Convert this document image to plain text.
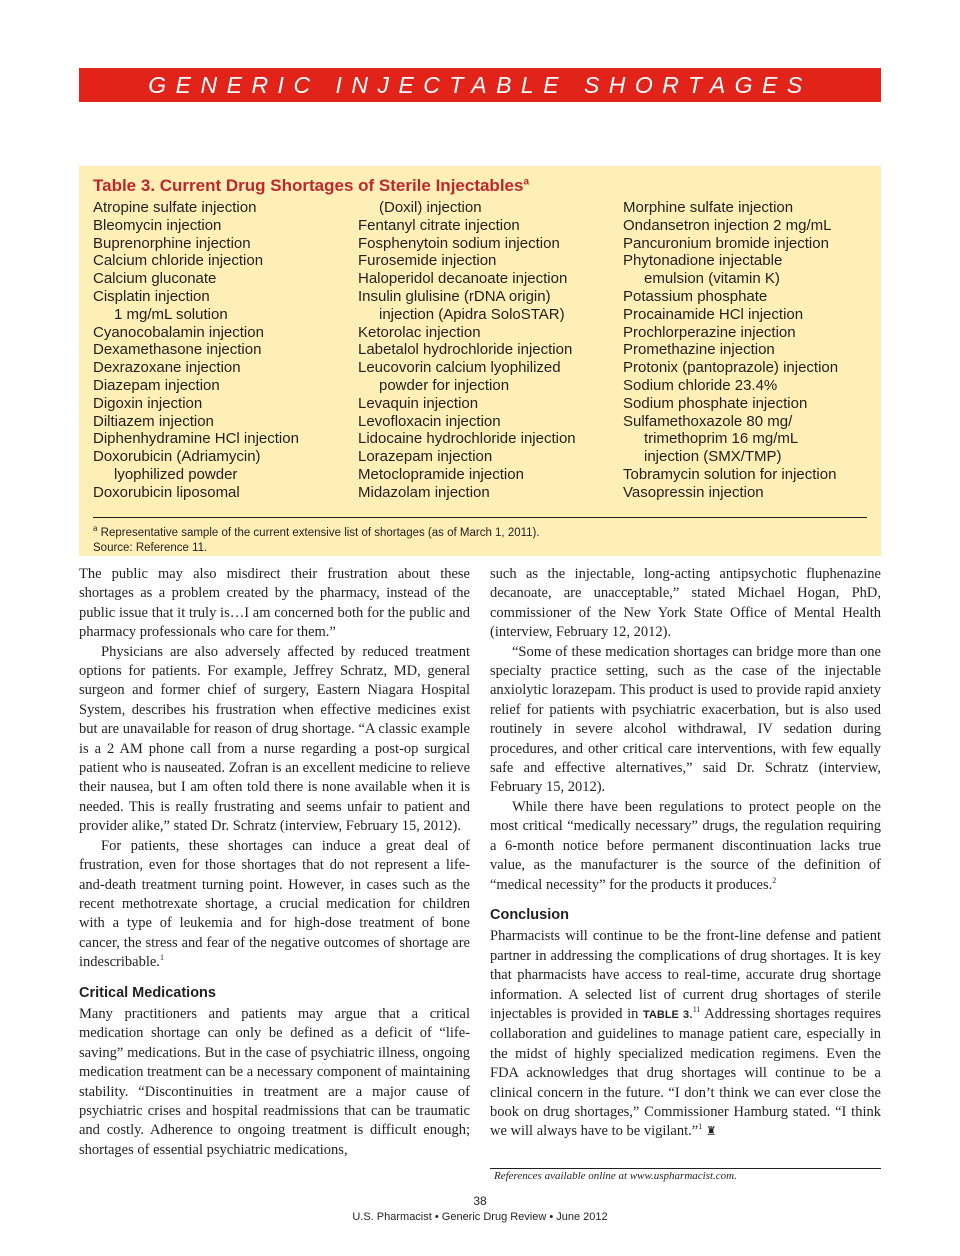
GENERIC INJECTABLE SHORTAGES
Table 3. Current Drug Shortages of Sterile Injectables$^a$
Atropine sulfate injection
Bleomycin injection
Buprenorphine injection
Calcium chloride injection
Calcium gluconate
Cisplatin injection
1 mg/mL solution
Cyanocobalamin injection
Dexamethasone injection
Dexrazoxane injection
Diazepam injection
Digoxin injection
Diltiazem injection
Diphenhydramine HCl injection
Doxorubicin (Adriamycin)
lyophilized powder
Doxorubicin liposomal
(Doxil) injection
Fentanyl citrate injection
Fosphenytoin sodium injection
Furosemide injection
Haloperidol decanoate injection
Insulin glulisine (rDNA origin)
injection (Apidra SoloSTAR)
Ketorolac injection
Labetalol hydrochloride injection
Leucovorin calcium lyophilized
powder for injection
Levaquin injection
Levofloxacin injection
Lidocaine hydrochloride injection
Lorazepam injection
Metoclopramide injection
Midazolam injection
Morphine sulfate injection
Ondansetron injection 2 mg/mL
Pancuronium bromide injection
Phytonadione injectable
emulsion (vitamin K)
Potassium phosphate
Procainamide HCl injection
Prochlorperazine injection
Promethazine injection
Protonix (pantoprazole) injection
Sodium chloride 23.4%
Sodium phosphate injection
Sulfamethoxazole 80 mg/
trimethoprim 16 mg/mL
injection (SMX/TMP)
Tobramycin solution for injection
Vasopressin injection
$^a$ Representative sample of the current extensive list of shortages (as of March 1, 2011).
Source: Reference 11.

The public may also misdirect their frustration about these shortages as a problem created by the pharmacy, instead of the public issue that it truly is…I am concerned both for the public and pharmacy professionals who care for them.”

Physicians are also adversely affected by reduced treatment options for patients. For example, Jeffrey Schratz, MD, general surgeon and former chief of surgery, Eastern Niagara Hospital System, describes his frustration when effective medicines exist but are unavailable for reason of drug shortage. “A classic example is a 2 AM phone call from a nurse regarding a post-op surgical patient who is nauseated. Zofran is an excellent medicine to relieve their nausea, but I am often told there is none available when it is needed. This is really frustrating and seems unfair to patient and provider alike,” stated Dr. Schratz (interview, February 15, 2012).

For patients, these shortages can induce a great deal of frustration, even for those shortages that do not represent a life-and-death treatment turning point. However, in cases such as the recent methotrexate shortage, a crucial medication for children with a type of leukemia and for high-dose treatment of bone cancer, the stress and fear of the negative outcomes of shortage are indescribable.$^1$

Critical Medications

Many practitioners and patients may argue that a critical medication shortage can only be defined as a deficit of “life-saving” medications. But in the case of psychiatric illness, ongoing medication treatment can be a necessary component of maintaining stability. “Discontinuities in treatment are a major cause of psychiatric crises and hospital readmissions that can be traumatic and costly. Adherence to ongoing treatment is difficult enough; shortages of essential psychiatric medications,

such as the injectable, long-acting antipsychotic fluphenazine decanoate, are unacceptable,” stated Michael Hogan, PhD, commissioner of the New York State Office of Mental Health (interview, February 12, 2012).

“Some of these medication shortages can bridge more than one specialty practice setting, such as the case of the injectable anxiolytic lorazepam. This product is used to provide rapid anxiety relief for patients with psychiatric exacerbation, but is also used routinely in severe alcohol withdrawal, IV sedation during procedures, and other critical care interventions, with few equally safe and effective alternatives,” said Dr. Schratz (interview, February 15, 2012).

While there have been regulations to protect people on the most critical “medically necessary” drugs, the regulation requiring a 6-month notice before permanent discontinuation lacks true value, as the manufacturer is the source of the definition of “medical necessity” for the products it produces.$^2$

Conclusion

Pharmacists will continue to be the front-line defense and patient partner in addressing the complications of drug shortages. It is key that pharmacists have access to real-time, accurate drug shortage information. A selected list of current drug shortages of sterile injectables is provided in TABLE 3.11 Addressing shortages requires collaboration and guidelines to manage patient care, especially in the midst of highly specialized medication regimens. Even the FDA acknowledges that drug shortages will continue to be a clinical concern in the future. “I don’t think we can ever close the book on drug shortages,” Commissioner Hamburg stated. “I think we will always have to be vigilant.”$^1$ ♜

References available online at www.uspharmacist.com.
38
U.S. Pharmacist • Generic Drug Review • June 2012
